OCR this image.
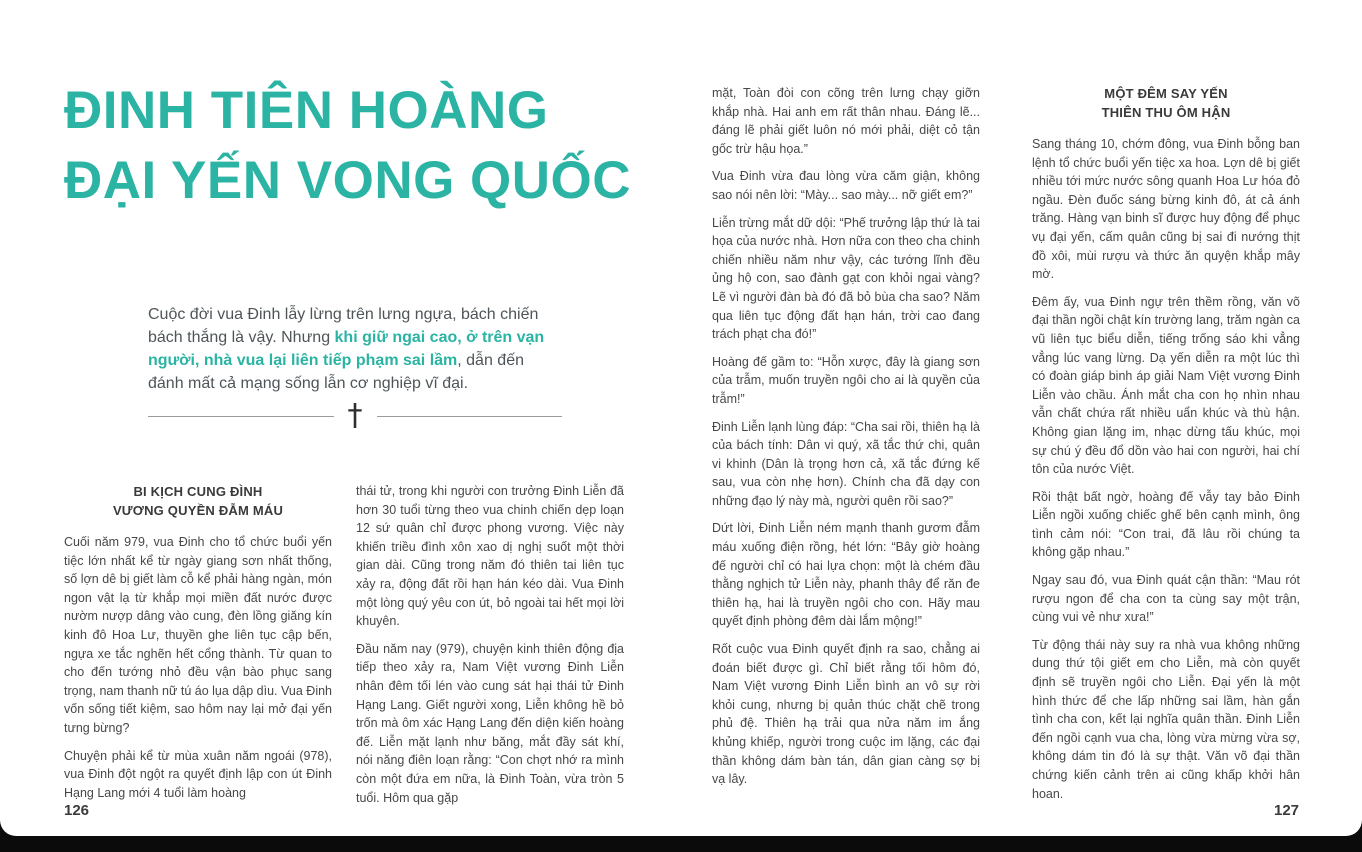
ĐINH TIÊN HOÀNG
ĐẠI YẾN VONG QUỐC

Cuộc đời vua Đinh lẫy lừng trên lưng ngựa, bách chiến bách thắng là vậy. Nhưng khi giữ ngai cao, ở trên vạn người, nhà vua lại liên tiếp phạm sai lầm, dẫn đến đánh mất cả mạng sống lẫn cơ nghiệp vĩ đại.

†
BI KỊCH CUNG ĐÌNH
VƯƠNG QUYỀN ĐẪM MÁU

Cuối năm 979, vua Đinh cho tổ chức buổi yến tiệc lớn nhất kể từ ngày giang sơn nhất thống, số lợn dê bị giết làm cỗ kể phải hàng ngàn, món ngon vật lạ từ khắp mọi miền đất nước được nườm nượp dâng vào cung, đèn lồng giăng kín kinh đô Hoa Lư, thuyền ghe liên tục cập bến, ngựa xe tắc nghẽn hết cổng thành. Từ quan to cho đến tướng nhỏ đều vận bào phục sang trọng, nam thanh nữ tú áo lụa dập dìu. Vua Đinh vốn sống tiết kiệm, sao hôm nay lại mở đại yến tưng bừng?

Chuyện phải kể từ mùa xuân năm ngoái (978), vua Đinh đột ngột ra quyết định lập con út Đinh Hạng Lang mới 4 tuổi làm hoàng

thái tử, trong khi người con trưởng Đinh Liễn đã hơn 30 tuổi từng theo vua chinh chiến dẹp loạn 12 sứ quân chỉ được phong vương. Việc này khiến triều đình xôn xao dị nghị suốt một thời gian dài. Cũng trong năm đó thiên tai liên tục xảy ra, động đất rồi hạn hán kéo dài. Vua Đinh một lòng quý yêu con út, bỏ ngoài tai hết mọi lời khuyên.

Đầu năm nay (979), chuyện kinh thiên động địa tiếp theo xảy ra, Nam Việt vương Đinh Liễn nhân đêm tối lén vào cung sát hại thái tử Đinh Hạng Lang. Giết người xong, Liễn không hề bỏ trốn mà ôm xác Hạng Lang đến diện kiến hoàng đế. Liễn mặt lạnh như băng, mắt đầy sát khí, nói năng điên loạn rằng: “Con chợt nhớ ra mình còn một đứa em nữa, là Đinh Toàn, vừa tròn 5 tuổi. Hôm qua gặp

126

mặt, Toàn đòi con cõng trên lưng chạy giỡn khắp nhà. Hai anh em rất thân nhau. Đáng lẽ... đáng lẽ phải giết luôn nó mới phải, diệt cỏ tận gốc trừ hậu họa.”

Vua Đinh vừa đau lòng vừa căm giận, không sao nói nên lời: “Mày... sao mày... nỡ giết em?”

Liễn trừng mắt dữ dội: “Phế trưởng lập thứ là tai họa của nước nhà. Hơn nữa con theo cha chinh chiến nhiều năm như vậy, các tướng lĩnh đều ủng hộ con, sao đành gạt con khỏi ngai vàng? Lẽ vì người đàn bà đó đã bỏ bùa cha sao? Năm qua liên tục động đất hạn hán, trời cao đang trách phạt cha đó!”

Hoàng đế gầm to: “Hỗn xược, đây là giang sơn của trẫm, muốn truyền ngôi cho ai là quyền của trẫm!”

Đinh Liễn lạnh lùng đáp: “Cha sai rồi, thiên hạ là của bách tính: Dân vi quý, xã tắc thứ chi, quân vi khinh (Dân là trọng hơn cả, xã tắc đứng kế sau, vua còn nhẹ hơn). Chính cha đã dạy con những đạo lý này mà, người quên rồi sao?”

Dứt lời, Đinh Liễn ném mạnh thanh gươm đẫm máu xuống điện rồng, hét lớn: “Bây giờ hoàng đế người chỉ có hai lựa chọn: một là chém đầu thằng nghịch tử Liễn này, phanh thây để răn đe thiên hạ, hai là truyền ngôi cho con. Hãy mau quyết định phòng đêm dài lắm mộng!”

Rốt cuộc vua Đinh quyết định ra sao, chẳng ai đoán biết được gì. Chỉ biết rằng tối hôm đó, Nam Việt vương Đinh Liễn bình an vô sự rời khỏi cung, nhưng bị quản thúc chặt chẽ trong phủ đệ. Thiên hạ trải qua nửa năm im ắng khủng khiếp, người trong cuộc im lặng, các đại thần không dám bàn tán, dân gian càng sợ bị vạ lây.

MỘT ĐÊM SAY YẾN
THIÊN THU ÔM HẬN

Sang tháng 10, chớm đông, vua Đinh bỗng ban lệnh tổ chức buổi yến tiệc xa hoa. Lợn dê bị giết nhiều tới mức nước sông quanh Hoa Lư hóa đỏ ngầu. Đèn đuốc sáng bừng kinh đô, át cả ánh trăng. Hàng vạn binh sĩ được huy động để phục vụ đại yến, cấm quân cũng bị sai đi nướng thịt đồ xôi, mùi rượu và thức ăn quyện khắp mây mờ.

Đêm ấy, vua Đinh ngự trên thềm rồng, văn võ đại thần ngồi chật kín trường lang, trăm ngàn ca vũ liên tục biểu diễn, tiếng trống sáo khi vẳng vẳng lúc vang lừng. Dạ yến diễn ra một lúc thì có đoàn giáp binh áp giải Nam Việt vương Đinh Liễn vào chầu. Ánh mắt cha con họ nhìn nhau vẫn chất chứa rất nhiều uẩn khúc và thù hận. Không gian lặng im, nhạc dừng tấu khúc, mọi sự chú ý đều đổ dồn vào hai con người, hai chí tôn của nước Việt.

Rồi thật bất ngờ, hoàng đế vẫy tay bảo Đinh Liễn ngồi xuống chiếc ghế bên cạnh mình, ông tình cảm nói: “Con trai, đã lâu rồi chúng ta không gặp nhau.”

Ngay sau đó, vua Đinh quát cận thần: “Mau rót rượu ngon để cha con ta cùng say một trận, cùng vui vẻ như xưa!”

Từ động thái này suy ra nhà vua không những dung thứ tội giết em cho Liễn, mà còn quyết định sẽ truyền ngôi cho Liễn. Đại yến là một hình thức để che lấp những sai lầm, hàn gắn tình cha con, kết lại nghĩa quân thần. Đinh Liễn đến ngồi cạnh vua cha, lòng vừa mừng vừa sợ, không dám tin đó là sự thật. Văn võ đại thần chứng kiến cảnh trên ai cũng khấp khởi hân hoan.

127
